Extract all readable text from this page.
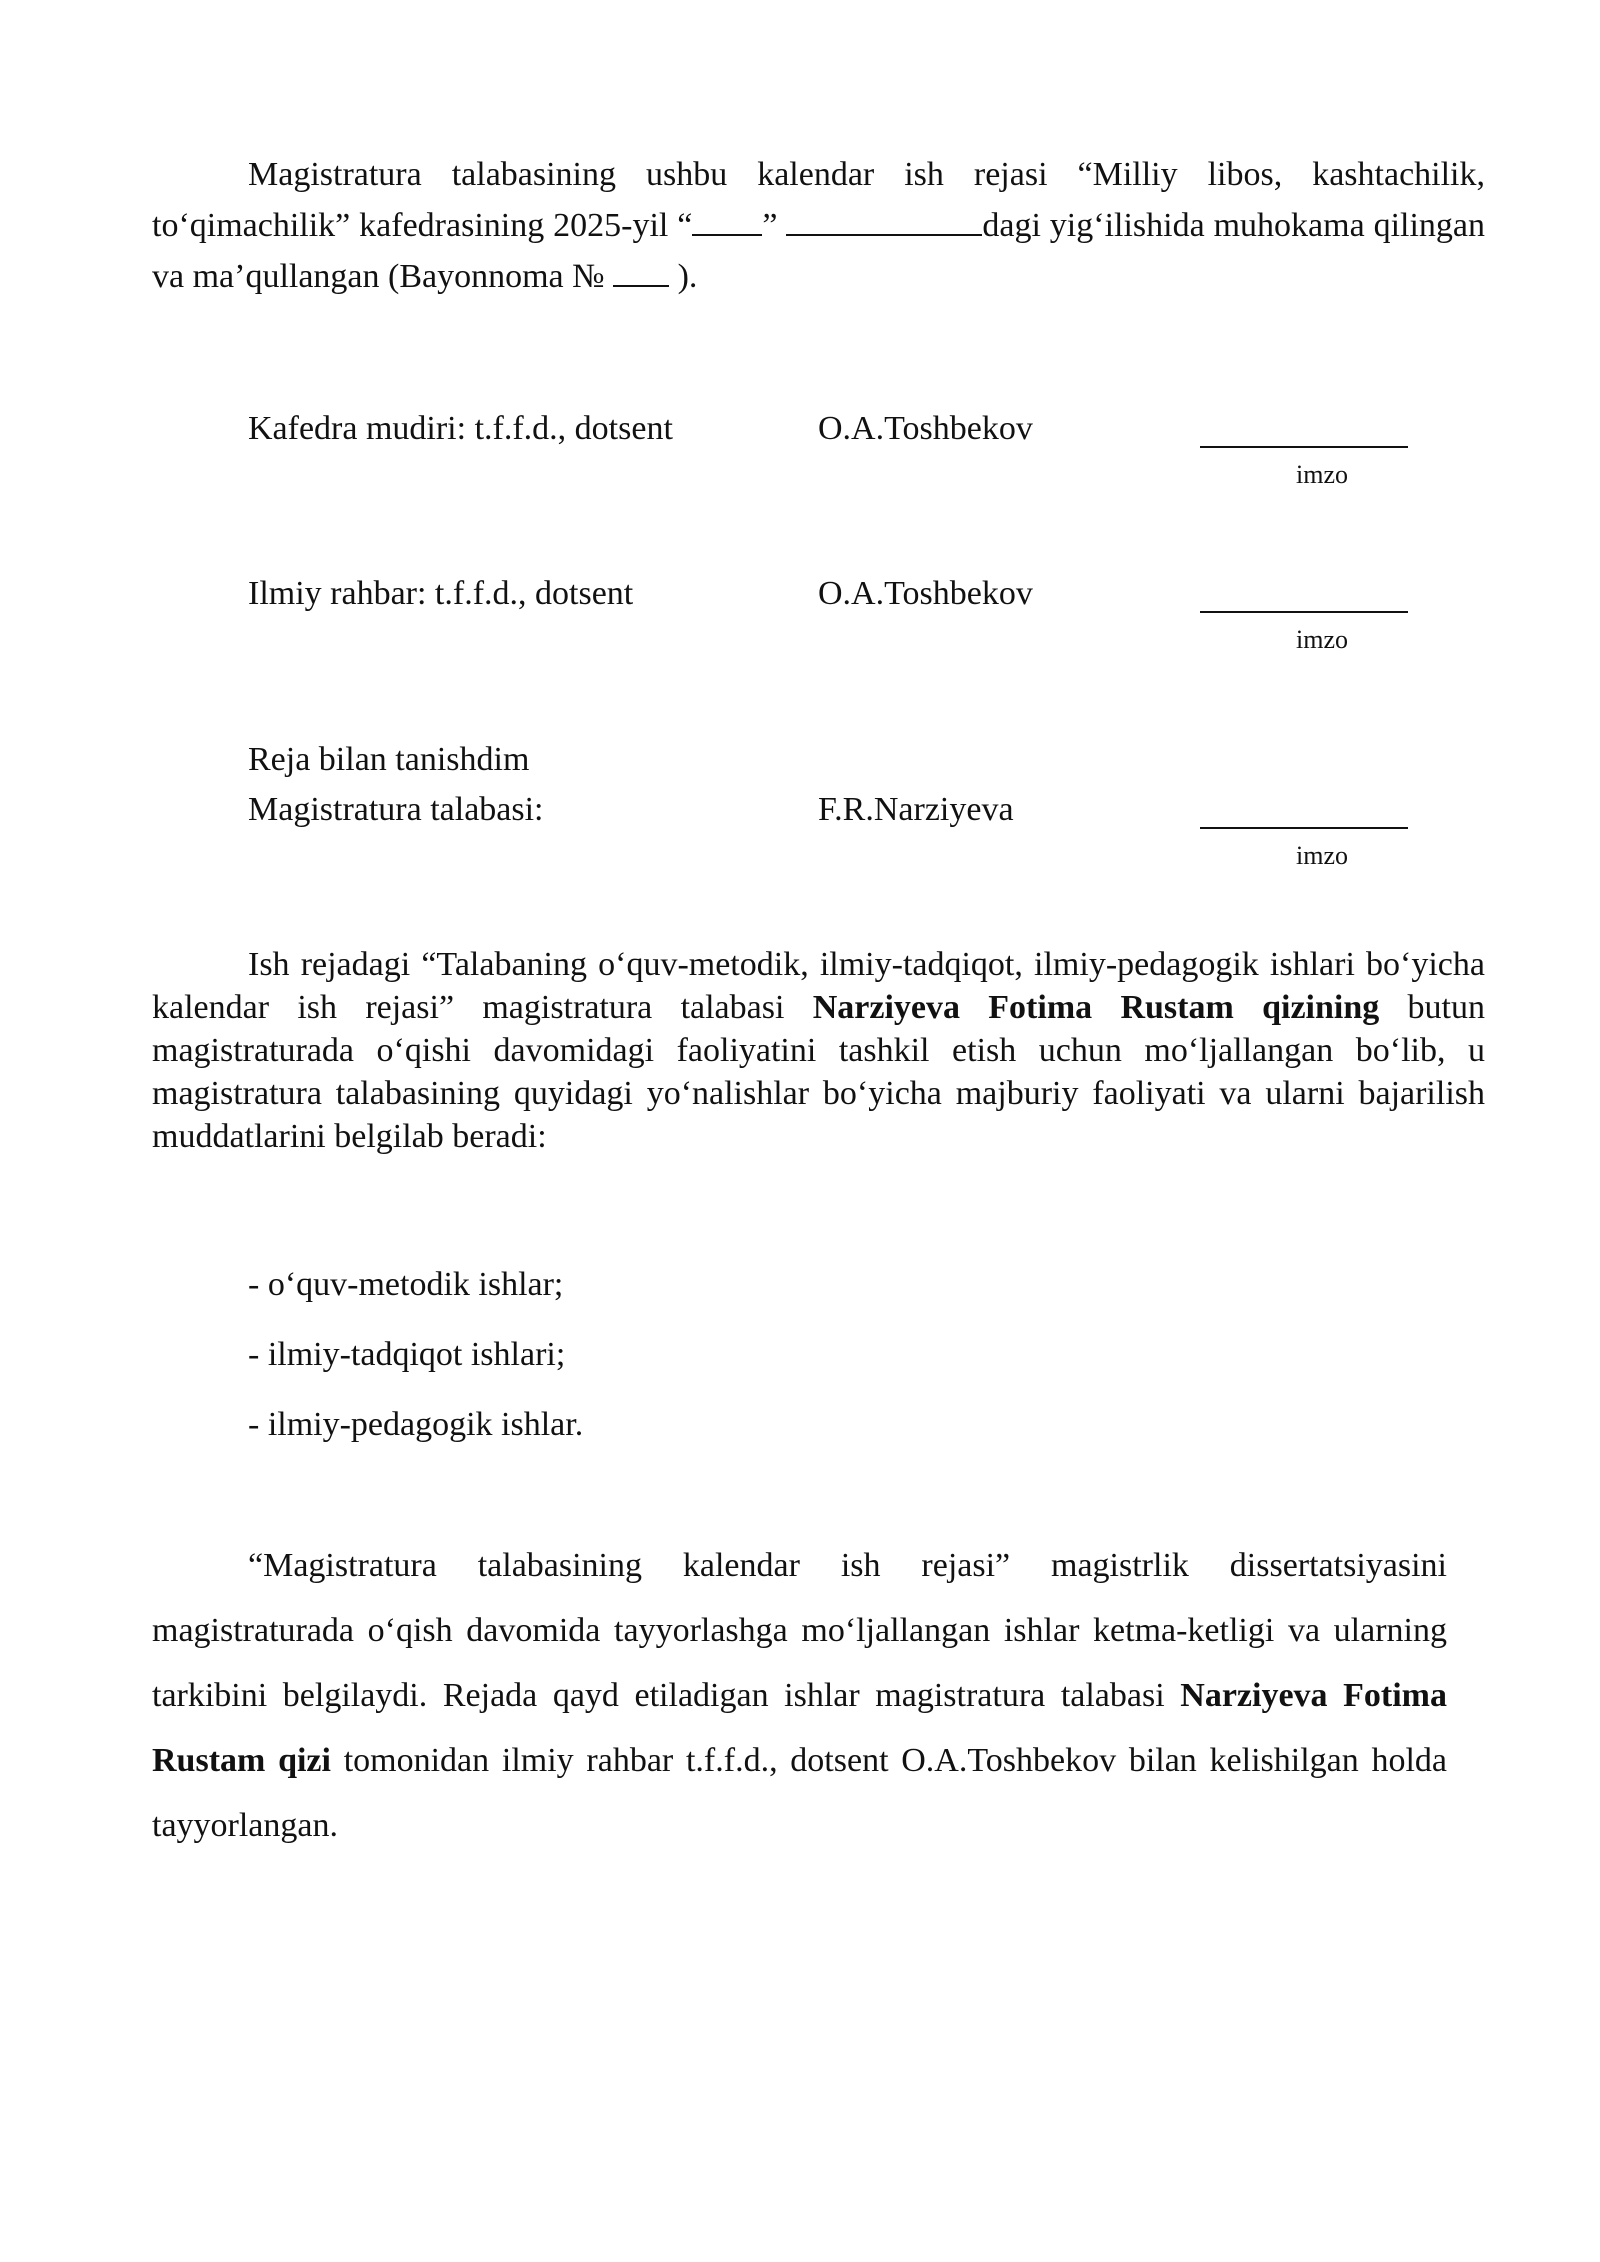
Magistratura talabasining ushbu kalendar ish rejasi “Milliy libos, kashtachilik, to‘qimachilik” kafedrasining 2025-yil “ ”	dagi yig‘ilishida muhokama qilingan va ma’qullangan (Bayonnoma №  ).

Kafedra mudiri: t.f.f.d., dotsent	O.A.Toshbekov
imzo
Ilmiy rahbar: t.f.f.d., dotsent	O.A.Toshbekov
imzo
Magistratura talabasi:	F.R.Narziyeva
imzo
Reja bilan tanishdim

Ish rejadagi “Talabaning o‘quv-metodik, ilmiy-tadqiqot, ilmiy-pedagogik ishlari bo‘yicha kalendar ish rejasi” magistratura talabasi Narziyeva Fotima Rustam qizining butun magistraturada o‘qishi davomidagi faoliyatini tashkil etish uchun mo‘ljallangan bo‘lib, u magistratura talabasining quyidagi yo‘nalishlar bo‘yicha majburiy faoliyati va ularni bajarilish muddatlarini belgilab beradi:

- o‘quv-metodik ishlar;
- ilmiy-tadqiqot ishlari;
- ilmiy-pedagogik ishlar.

“Magistratura talabasining kalendar ish rejasi” magistrlik dissertatsiyasini magistraturada o‘qish davomida tayyorlashga mo‘ljallangan ishlar ketma-ketligi va ularning tarkibini belgilaydi. Rejada qayd etiladigan ishlar magistratura talabasi Narziyeva Fotima Rustam qizi tomonidan ilmiy rahbar t.f.f.d., dotsent O.A.Toshbekov bilan kelishilgan holda tayyorlangan.
